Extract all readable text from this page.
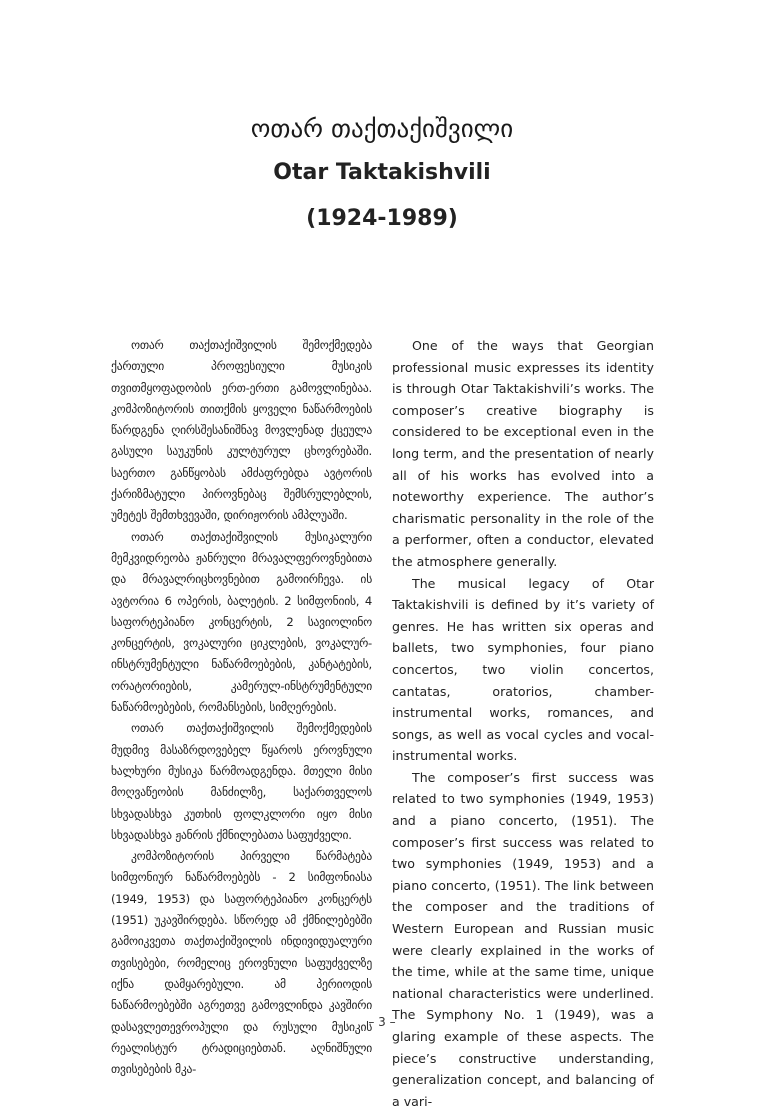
ოთარ თაქთაქიშვილი
Otar Taktakishvili
(1924-1989)

ოთარ თაქთაქიშვილის შემოქმედება ქართული პროფესიული მუსიკის თვითმყოფადობის ერთ-ერთი გამოვლინებაა. კომპოზიტორის თითქმის ყოველი ნაწარმოების წარდგენა ღირსშესანიშნავ მოვლენად ქცეულა გასული საუკუნის კულტურულ ცხოვრებაში. საერთო განწყობას ამძაფრებდა ავტორის ქარიზმატული პიროვნებაც შემსრულებლის, უმეტეს შემთხვევაში, დირიჟორის ამპლუაში.

ოთარ თაქთაქიშვილის მუსიკალური მემკვიდრეობა ჟანრული მრავალფეროვნებითა და მრავალრიცხოვნებით გამოირჩევა. ის ავტორია 6 ოპერის, ბალეტის. 2 სიმფონიის, 4 საფორტეპიანო კონცერტის, 2 სავიოლინო კონცერტის, ვოკალური ციკლების, ვოკალურ-ინსტრუმენტული ნაწარმოებების, კანტატების, ორატორიების, კამერულ-ინსტრუმენტული ნაწარმოებების, რომანსების, სიმღერების.

ოთარ თაქთაქიშვილის შემოქმედების მუდმივ მასაზრდოვებელ წყაროს ეროვნული ხალხური მუსიკა წარმოადგენდა. მთელი მისი მოღვაწეობის მანძილზე, საქართველოს სხვადასხვა კუთხის ფოლკლორი იყო მისი სხვადასხვა ჟანრის ქმნილებათა საფუძველი.

კომპოზიტორის პირველი წარმატება სიმფონიურ ნაწარმოებებს - 2 სიმფონიასა (1949, 1953) და საფორტეპიანო კონცერტს (1951) უკავშირდება. სწორედ ამ ქმნილებებში გამოიკვეთა თაქთაქიშვილის ინდივიდუალური თვისებები, რომელიც ეროვნული საფუძველზე იქნა დამყარებული. ამ პერიოდის ნაწარმოებებში აგრეთვე გამოვლინდა კავშირი დასავლეთევროპული და რუსული მუსიკის რეალისტურ ტრადიციებთან. აღნიშნული თვისებების მკა-

One of the ways that Georgian professional music expresses its identity is through Otar Taktakishvili’s works. The composer’s creative biography is considered to be exceptional even in the long term, and the presentation of nearly all of his works has evolved into a noteworthy experience. The author’s charismatic personality in the role of the a performer, often a conductor, elevated the atmosphere generally.

The musical legacy of Otar Taktakishvili is defined by it’s variety of genres. He has written six operas and ballets, two symphonies, four piano concertos, two violin concertos, cantatas, oratorios, chamber-instrumental works, romances, and songs, as well as vocal cycles and vocal-instrumental works.

The composer’s first success was related to two symphonies (1949, 1953) and a piano concerto, (1951). The composer’s first success was related to two symphonies (1949, 1953) and a piano concerto, (1951). The link between the composer and the traditions of Western European and Russian music were clearly explained in the works of the time, while at the same time, unique national characteristics were underlined. The Symphony No. 1 (1949), was a glaring example of these aspects. The piece’s constructive understanding, generalization concept, and balancing of a vari-

– 3 –
